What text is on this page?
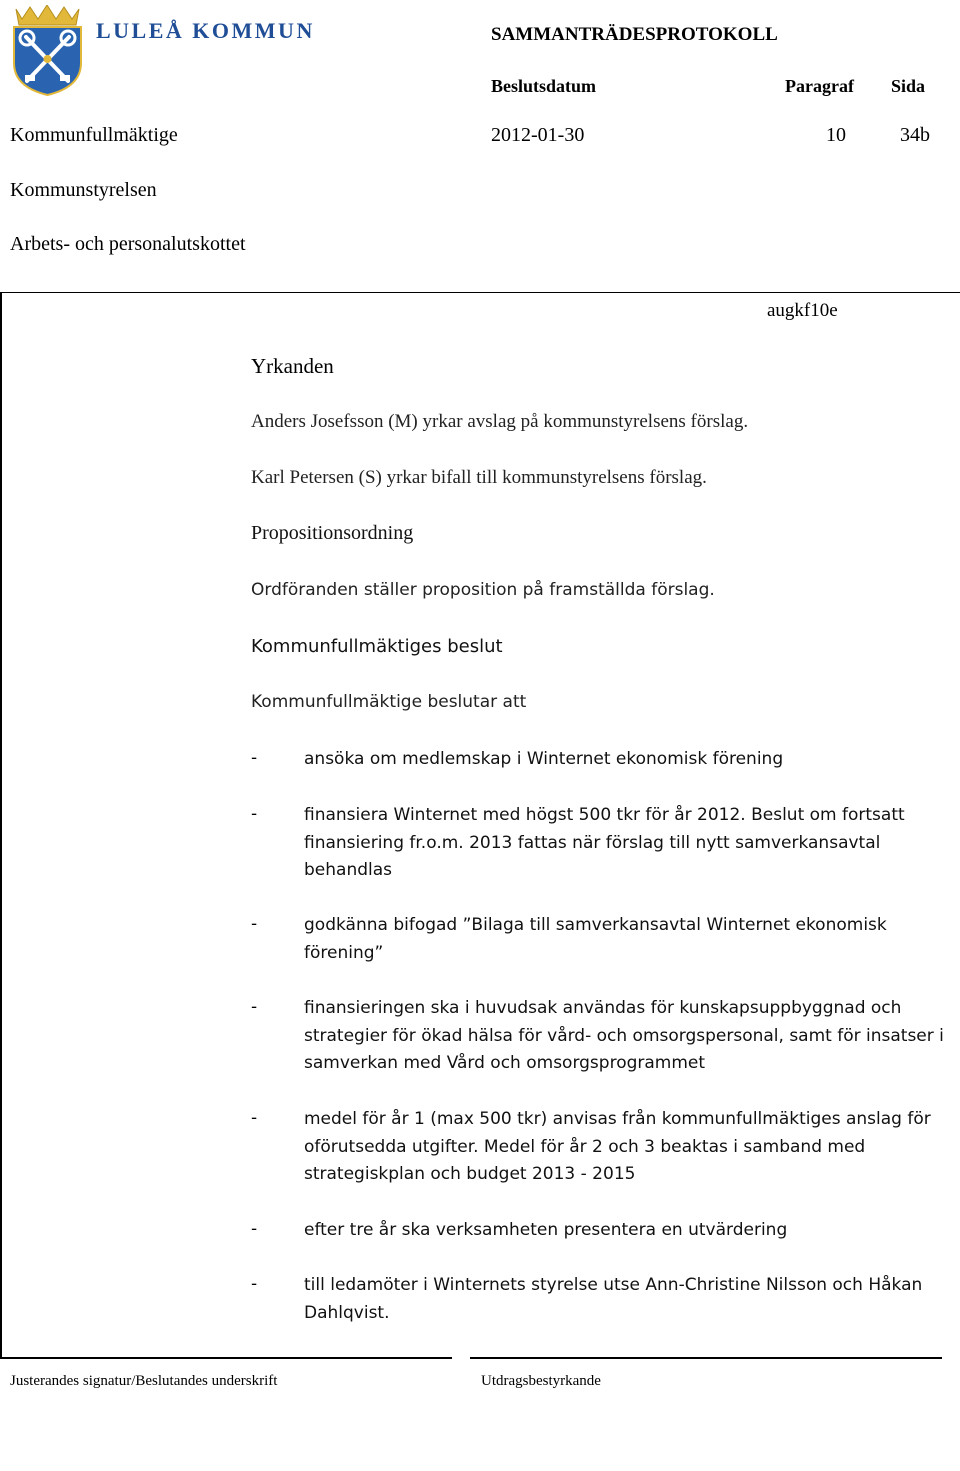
LULEÅ KOMMUN	SAMMANTRÄDESPROTOKOLL
Beslutsdatum	Paragraf Sida
Kommunfullmäktige	2012-01-30	10	34b
Kommunstyrelsen
Arbets- och personalutskottet
augkf10e
Yrkanden
Anders Josefsson (M) yrkar avslag på kommunstyrelsens förslag.
Karl Petersen (S) yrkar bifall till kommunstyrelsens förslag.
Propositionsordning
Ordföranden ställer proposition på framställda förslag.
Kommunfullmäktiges beslut
Kommunfullmäktige beslutar att
-	ansöka om medlemskap i Winternet ekonomisk förening
-	finansiera Winternet med högst 500 tkr för år 2012. Beslut om fortsatt finansiering fr.o.m. 2013 fattas när förslag till nytt samverkansavtal behandlas
-	godkänna bifogad ”Bilaga till samverkansavtal Winternet ekonomisk förening”
-	finansieringen ska i huvudsak användas för kunskapsuppbyggnad och strategier för ökad hälsa för vård- och omsorgspersonal, samt för insatser i samverkan med Vård och omsorgsprogrammet
-	medel för år 1 (max 500 tkr) anvisas från kommunfullmäktiges anslag för oförutsedda utgifter. Medel för år 2 och 3 beaktas i samband med strategiskplan och budget 2013 - 2015
-	efter tre år ska verksamheten presentera en utvärdering
-	till ledamöter i Winternets styrelse utse Ann-Christine Nilsson och Håkan Dahlqvist.
Justerandes signatur/Beslutandes underskrift	Utdragsbestyrkande
